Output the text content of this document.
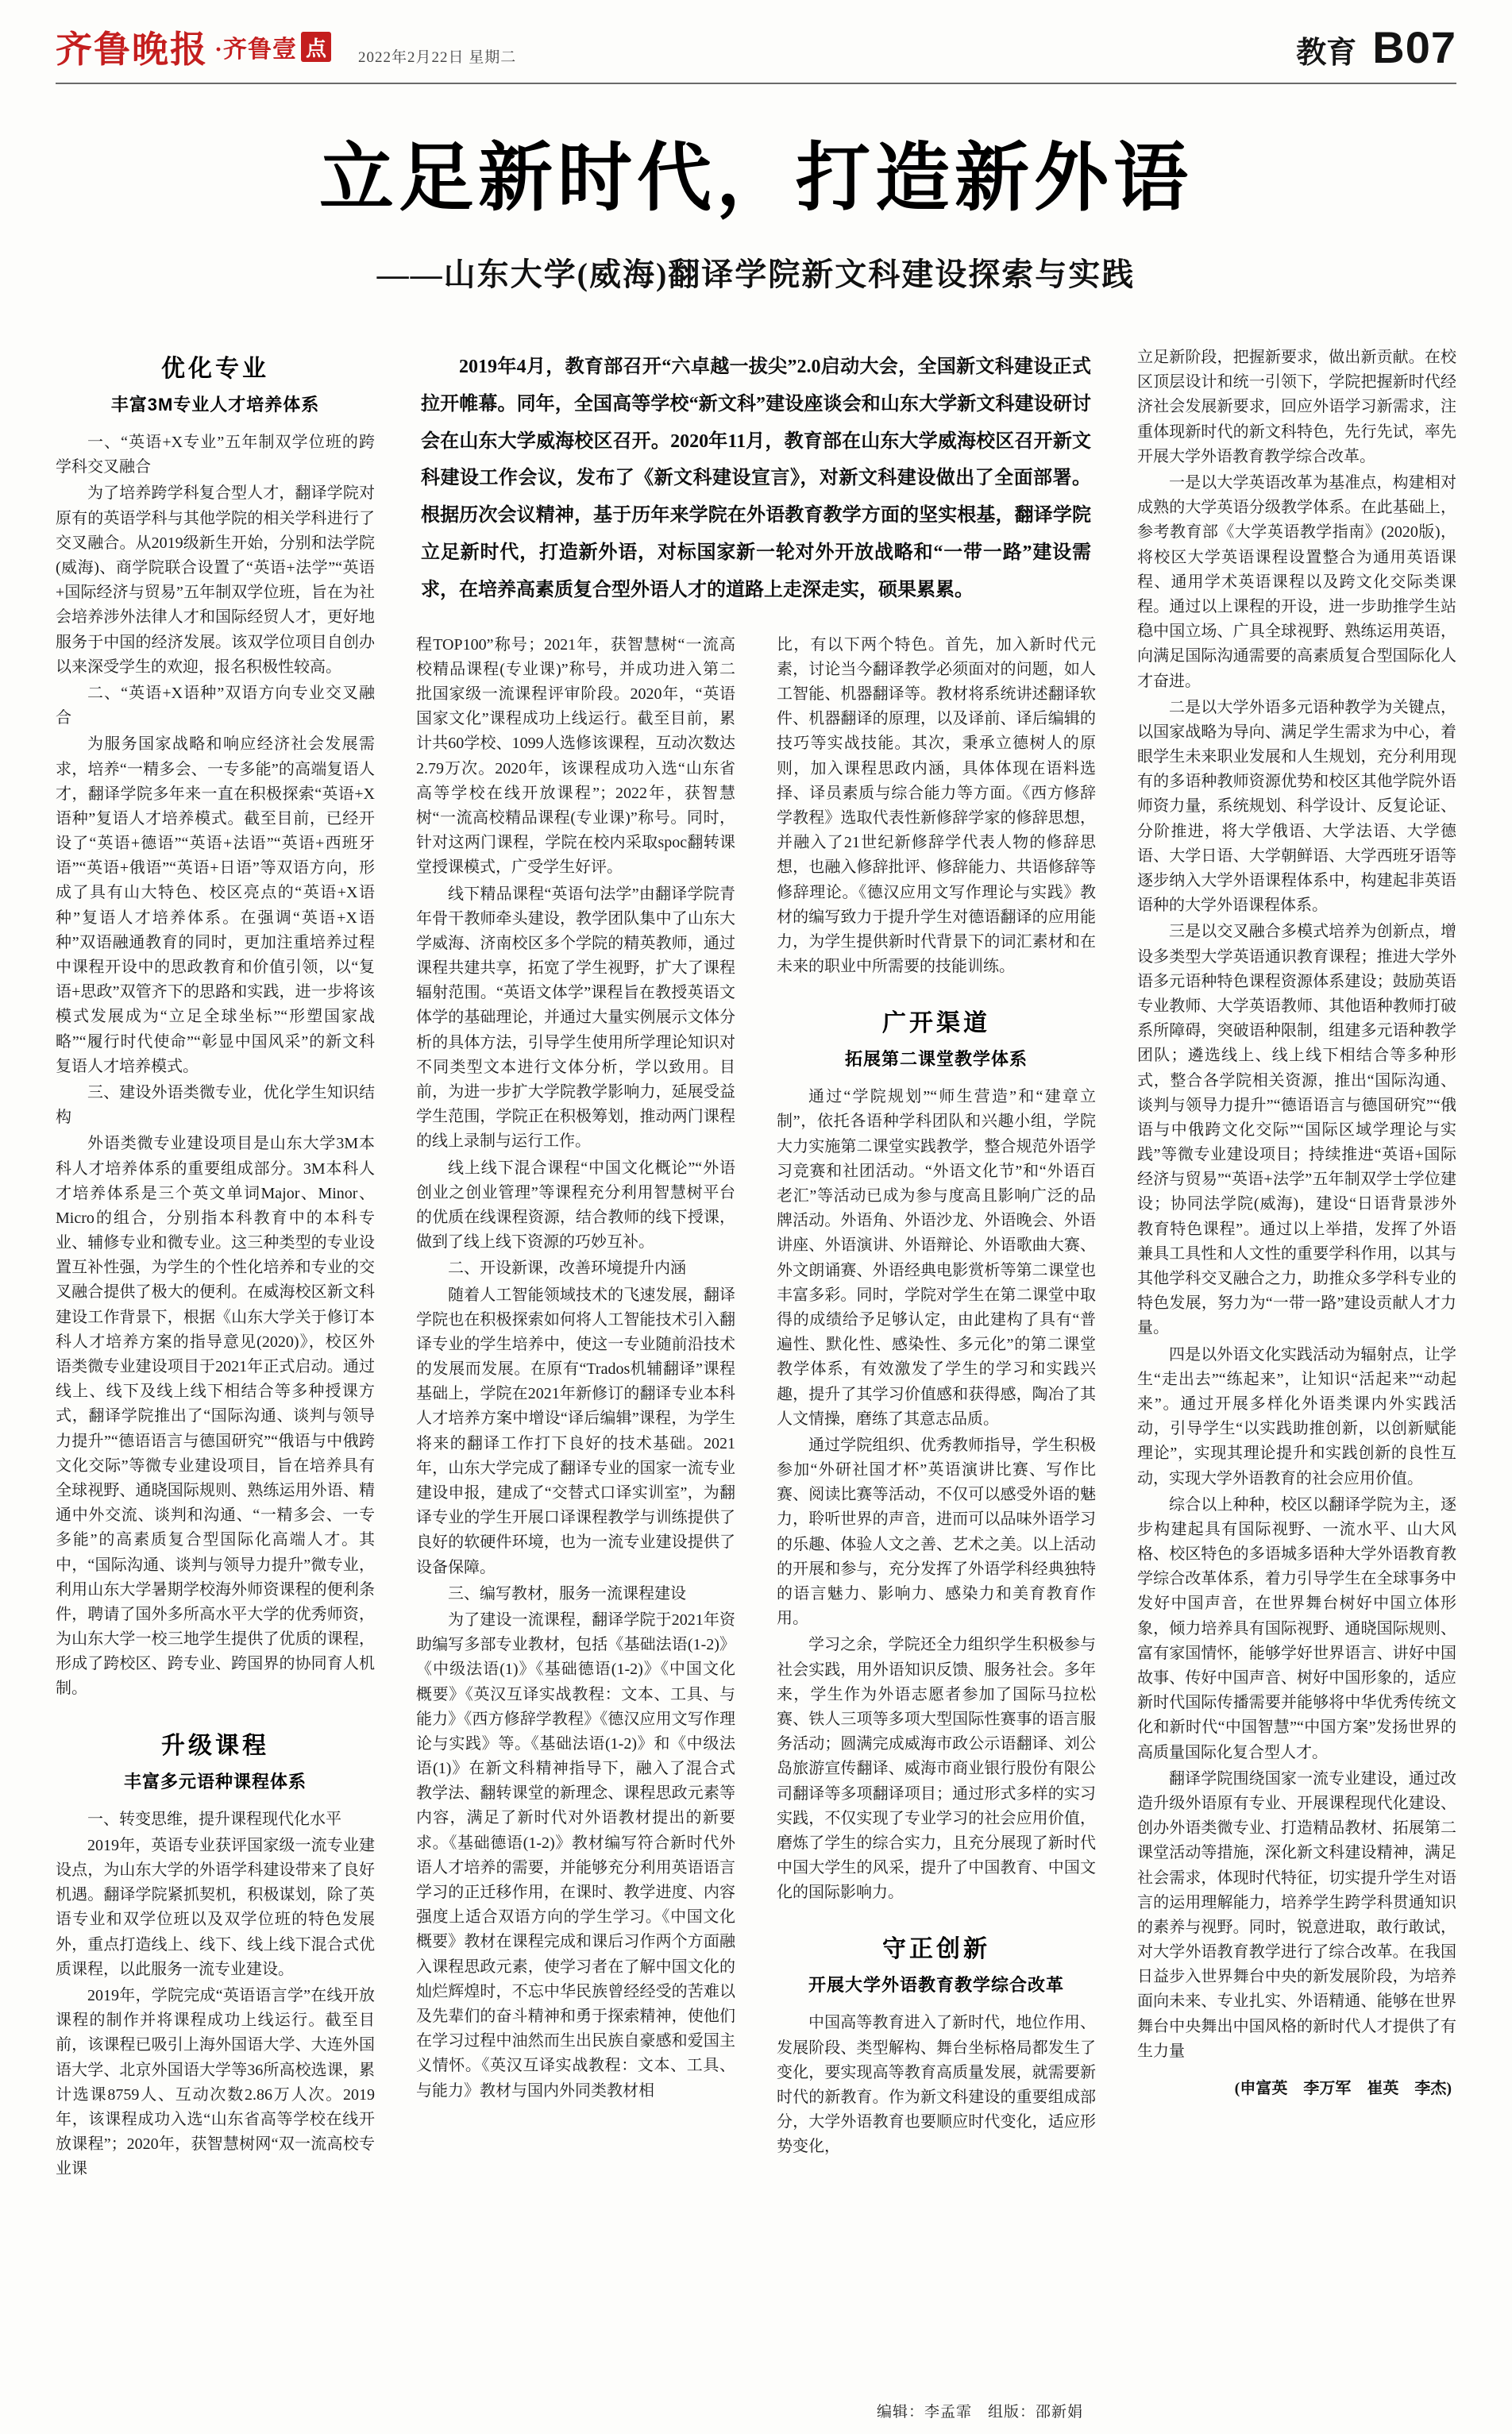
齐鲁晚报 ·齐鲁壹 点	2022年2月22日 星期二	教育 B07
立足新时代，打造新外语
——山东大学(威海)翻译学院新文科建设探索与实践
优化专业
丰富3M专业人才培养体系
一、“英语+X专业”五年制双学位班的跨学科交叉融合
为了培养跨学科复合型人才，翻译学院对原有的英语学科与其他学院的相关学科进行了交叉融合。从2019级新生开始，分别和法学院(威海)、商学院联合设置了“英语+法学”“英语+国际经济与贸易”五年制双学位班，旨在为社会培养涉外法律人才和国际经贸人才，更好地服务于中国的经济发展。该双学位项目自创办以来深受学生的欢迎，报名积极性较高。
二、“英语+X语种”双语方向专业交叉融合
为服务国家战略和响应经济社会发展需求，培养“一精多会、一专多能”的高端复语人才，翻译学院多年来一直在积极探索“英语+X语种”复语人才培养模式。截至目前，已经开设了“英语+德语”“英语+法语”“英语+西班牙语”“英语+俄语”“英语+日语”等双语方向，形成了具有山大特色、校区亮点的“英语+X语种”复语人才培养体系。在强调“英语+X语种”双语融通教育的同时，更加注重培养过程中课程开设中的思政教育和价值引领，以“复语+思政”双管齐下的思路和实践，进一步将该模式发展成为“立足全球坐标”“形塑国家战略”“履行时代使命”“彰显中国风采”的新文科复语人才培养模式。
三、建设外语类微专业，优化学生知识结构
外语类微专业建设项目是山东大学3M本科人才培养体系的重要组成部分。3M本科人才培养体系是三个英文单词Major、Minor、Micro的组合，分别指本科教育中的本科专业、辅修专业和微专业。这三种类型的专业设置互补性强，为学生的个性化培养和专业的交叉融合提供了极大的便利。在威海校区新文科建设工作背景下，根据《山东大学关于修订本科人才培养方案的指导意见(2020)》，校区外语类微专业建设项目于2021年正式启动。通过线上、线下及线上线下相结合等多种授课方式，翻译学院推出了“国际沟通、谈判与领导力提升”“德语语言与德国研究”“俄语与中俄跨文化交际”等微专业建设项目，旨在培养具有全球视野、通晓国际规则、熟练运用外语、精通中外交流、谈判和沟通、“一精多会、一专多能”的高素质复合型国际化高端人才。其中，“国际沟通、谈判与领导力提升”微专业，利用山东大学暑期学校海外师资课程的便利条件，聘请了国外多所高水平大学的优秀师资，为山东大学一校三地学生提供了优质的课程，形成了跨校区、跨专业、跨国界的协同育人机制。
升级课程
丰富多元语种课程体系
一、转变思维，提升课程现代化水平
2019年，英语专业获评国家级一流专业建设点，为山东大学的外语学科建设带来了良好机遇。翻译学院紧抓契机，积极谋划，除了英语专业和双学位班以及双学位班的特色发展外，重点打造线上、线下、线上线下混合式优质课程，以此服务一流专业建设。
2019年，学院完成“英语语言学”在线开放课程的制作并将课程成功上线运行。截至目前，该课程已吸引上海外国语大学、大连外国语大学、北京外国语大学等36所高校选课，累计选课8759人、互动次数2.86万人次。2019年，该课程成功入选“山东省高等学校在线开放课程”；2020年，获智慧树网“双一流高校专业课
2019年4月，教育部召开“六卓越一拔尖”2.0启动大会，全国新文科建设正式拉开帷幕。同年，全国高等学校“新文科”建设座谈会和山东大学新文科建设研讨会在山东大学威海校区召开。2020年11月，教育部在山东大学威海校区召开新文科建设工作会议，发布了《新文科建设宣言》，对新文科建设做出了全面部署。根据历次会议精神，基于历年来学院在外语教育教学方面的坚实根基，翻译学院立足新时代，打造新外语，对标国家新一轮对外开放战略和“一带一路”建设需求，在培养高素质复合型外语人才的道路上走深走实，硕果累累。
程TOP100”称号；2021年，获智慧树“一流高校精品课程(专业课)”称号，并成功进入第二批国家级一流课程评审阶段。2020年，“英语国家文化”课程成功上线运行。截至目前，累计共60学校、1099人选修该课程，互动次数达2.79万次。2020年，该课程成功入选“山东省高等学校在线开放课程”；2022年，获智慧树“一流高校精品课程(专业课)”称号。同时，针对这两门课程，学院在校内采取spoc翻转课堂授课模式，广受学生好评。
线下精品课程“英语句法学”由翻译学院青年骨干教师牵头建设，教学团队集中了山东大学威海、济南校区多个学院的精英教师，通过课程共建共享，拓宽了学生视野，扩大了课程辐射范围。“英语文体学”课程旨在教授英语文体学的基础理论，并通过大量实例展示文体分析的具体方法，引导学生使用所学理论知识对不同类型文本进行文体分析，学以致用。目前，为进一步扩大学院教学影响力，延展受益学生范围，学院正在积极筹划，推动两门课程的线上录制与运行工作。
线上线下混合课程“中国文化概论”“外语创业之创业管理”等课程充分利用智慧树平台的优质在线课程资源，结合教师的线下授课，做到了线上线下资源的巧妙互补。
二、开设新课，改善环境提升内涵
随着人工智能领域技术的飞速发展，翻译学院也在积极探索如何将人工智能技术引入翻译专业的学生培养中，使这一专业随前沿技术的发展而发展。在原有“Trados机辅翻译”课程基础上，学院在2021年新修订的翻译专业本科人才培养方案中增设“译后编辑”课程，为学生将来的翻译工作打下良好的技术基础。2021年，山东大学完成了翻译专业的国家一流专业建设申报，建成了“交替式口译实训室”，为翻译专业的学生开展口译课程教学与训练提供了良好的软硬件环境，也为一流专业建设提供了设备保障。
三、编写教材，服务一流课程建设
为了建设一流课程，翻译学院于2021年资助编写多部专业教材，包括《基础法语(1-2)》《中级法语(1)》《基础德语(1-2)》《中国文化概要》《英汉互译实战教程：文本、工具、与能力》《西方修辞学教程》《德汉应用文写作理论与实践》等。《基础法语(1-2)》和《中级法语(1)》在新文科精神指导下，融入了混合式教学法、翻转课堂的新理念、课程思政元素等内容，满足了新时代对外语教材提出的新要求。《基础德语(1-2)》教材编写符合新时代外语人才培养的需要，并能够充分利用英语语言学习的正迁移作用，在课时、教学进度、内容强度上适合双语方向的学生学习。《中国文化概要》教材在课程完成和课后习作两个方面融入课程思政元素，使学习者在了解中国文化的灿烂辉煌时，不忘中华民族曾经经受的苦难以及先辈们的奋斗精神和勇于探索精神，使他们在学习过程中油然而生出民族自豪感和爱国主义情怀。《英汉互译实战教程：文本、工具、与能力》教材与国内外同类教材相
比，有以下两个特色。首先，加入新时代元素，讨论当今翻译教学必须面对的问题，如人工智能、机器翻译等。教材将系统讲述翻译软件、机器翻译的原理，以及译前、译后编辑的技巧等实战技能。其次，秉承立德树人的原则，加入课程思政内涵，具体体现在语料选择、译员素质与综合能力等方面。《西方修辞学教程》选取代表性新修辞学家的修辞思想，并融入了21世纪新修辞学代表人物的修辞思想，也融入修辞批评、修辞能力、共语修辞等修辞理论。《德汉应用文写作理论与实践》教材的编写致力于提升学生对德语翻译的应用能力，为学生提供新时代背景下的词汇素材和在未来的职业中所需要的技能训练。
广开渠道
拓展第二课堂教学体系
通过“学院规划”“师生营造”和“建章立制”，依托各语种学科团队和兴趣小组，学院大力实施第二课堂实践教学，整合规范外语学习竞赛和社团活动。“外语文化节”和“外语百老汇”等活动已成为参与度高且影响广泛的品牌活动。外语角、外语沙龙、外语晚会、外语讲座、外语演讲、外语辩论、外语歌曲大赛、外文朗诵赛、外语经典电影赏析等第二课堂也丰富多彩。同时，学院对学生在第二课堂中取得的成绩给予足够认定，由此建构了具有“普遍性、默化性、感染性、多元化”的第二课堂教学体系，有效激发了学生的学习和实践兴趣，提升了其学习价值感和获得感，陶冶了其人文情操，磨练了其意志品质。
通过学院组织、优秀教师指导，学生积极参加“外研社国才杯”英语演讲比赛、写作比赛、阅读比赛等活动，不仅可以感受外语的魅力，聆听世界的声音，进而可以品味外语学习的乐趣、体验人文之善、艺术之美。以上活动的开展和参与，充分发挥了外语学科经典独特的语言魅力、影响力、感染力和美育教育作用。
学习之余，学院还全力组织学生积极参与社会实践，用外语知识反馈、服务社会。多年来，学生作为外语志愿者参加了国际马拉松赛、铁人三项等多项大型国际性赛事的语言服务活动；圆满完成威海市政公示语翻译、刘公岛旅游宣传翻译、威海市商业银行股份有限公司翻译等多项翻译项目；通过形式多样的实习实践，不仅实现了专业学习的社会应用价值，磨炼了学生的综合实力，且充分展现了新时代中国大学生的风采，提升了中国教育、中国文化的国际影响力。
守正创新
开展大学外语教育教学综合改革
中国高等教育进入了新时代，地位作用、发展阶段、类型解构、舞台坐标格局都发生了变化，要实现高等教育高质量发展，就需要新时代的新教育。作为新文科建设的重要组成部分，大学外语教育也要顺应时代变化，适应形势变化，
立足新阶段，把握新要求，做出新贡献。在校区顶层设计和统一引领下，学院把握新时代经济社会发展新要求，回应外语学习新需求，注重体现新时代的新文科特色，先行先试，率先开展大学外语教育教学综合改革。
一是以大学英语改革为基准点，构建相对成熟的大学英语分级教学体系。在此基础上，参考教育部《大学英语教学指南》(2020版)，将校区大学英语课程设置整合为通用英语课程、通用学术英语课程以及跨文化交际类课程。通过以上课程的开设，进一步助推学生站稳中国立场、广具全球视野、熟练运用英语，向满足国际沟通需要的高素质复合型国际化人才奋进。
二是以大学外语多元语种教学为关键点，以国家战略为导向、满足学生需求为中心，着眼学生未来职业发展和人生规划，充分利用现有的多语种教师资源优势和校区其他学院外语师资力量，系统规划、科学设计、反复论证、分阶推进，将大学俄语、大学法语、大学德语、大学日语、大学朝鲜语、大学西班牙语等逐步纳入大学外语课程体系中，构建起非英语语种的大学外语课程体系。
三是以交叉融合多模式培养为创新点，增设多类型大学英语通识教育课程；推进大学外语多元语种特色课程资源体系建设；鼓励英语专业教师、大学英语教师、其他语种教师打破系所障碍，突破语种限制，组建多元语种教学团队；遴选线上、线上线下相结合等多种形式，整合各学院相关资源，推出“国际沟通、谈判与领导力提升”“德语语言与德国研究”“俄语与中俄跨文化交际”“国际区域学理论与实践”等微专业建设项目；持续推进“英语+国际经济与贸易”“英语+法学”五年制双学士学位建设；协同法学院(威海)，建设“日语背景涉外教育特色课程”。通过以上举措，发挥了外语兼具工具性和人文性的重要学科作用，以其与其他学科交叉融合之力，助推众多学科专业的特色发展，努力为“一带一路”建设贡献人才力量。
四是以外语文化实践活动为辐射点，让学生“走出去”“练起来”，让知识“活起来”“动起来”。通过开展多样化外语类课内外实践活动，引导学生“以实践助推创新，以创新赋能理论”，实现其理论提升和实践创新的良性互动，实现大学外语教育的社会应用价值。
综合以上种种，校区以翻译学院为主，逐步构建起具有国际视野、一流水平、山大风格、校区特色的多语城多语种大学外语教育教学综合改革体系，着力引导学生在全球事务中发好中国声音，在世界舞台树好中国立体形象，倾力培养具有国际视野、通晓国际规则、富有家国情怀，能够学好世界语言、讲好中国故事、传好中国声音、树好中国形象的，适应新时代国际传播需要并能够将中华优秀传统文化和新时代“中国智慧”“中国方案”发扬世界的高质量国际化复合型人才。
翻译学院围绕国家一流专业建设，通过改造升级外语原有专业、开展课程现代化建设、创办外语类微专业、打造精品教材、拓展第二课堂活动等措施，深化新文科建设精神，满足社会需求，体现时代特征，切实提升学生对语言的运用理解能力，培养学生跨学科贯通知识的素养与视野。同时，锐意进取，敢行敢试，对大学外语教育教学进行了综合改革。在我国日益步入世界舞台中央的新发展阶段，为培养面向未来、专业扎实、外语精通、能够在世界舞台中央舞出中国风格的新时代人才提供了有生力量
(申富英　李万军　崔英　李杰)
编辑：李孟霏　组版：邵新娟
